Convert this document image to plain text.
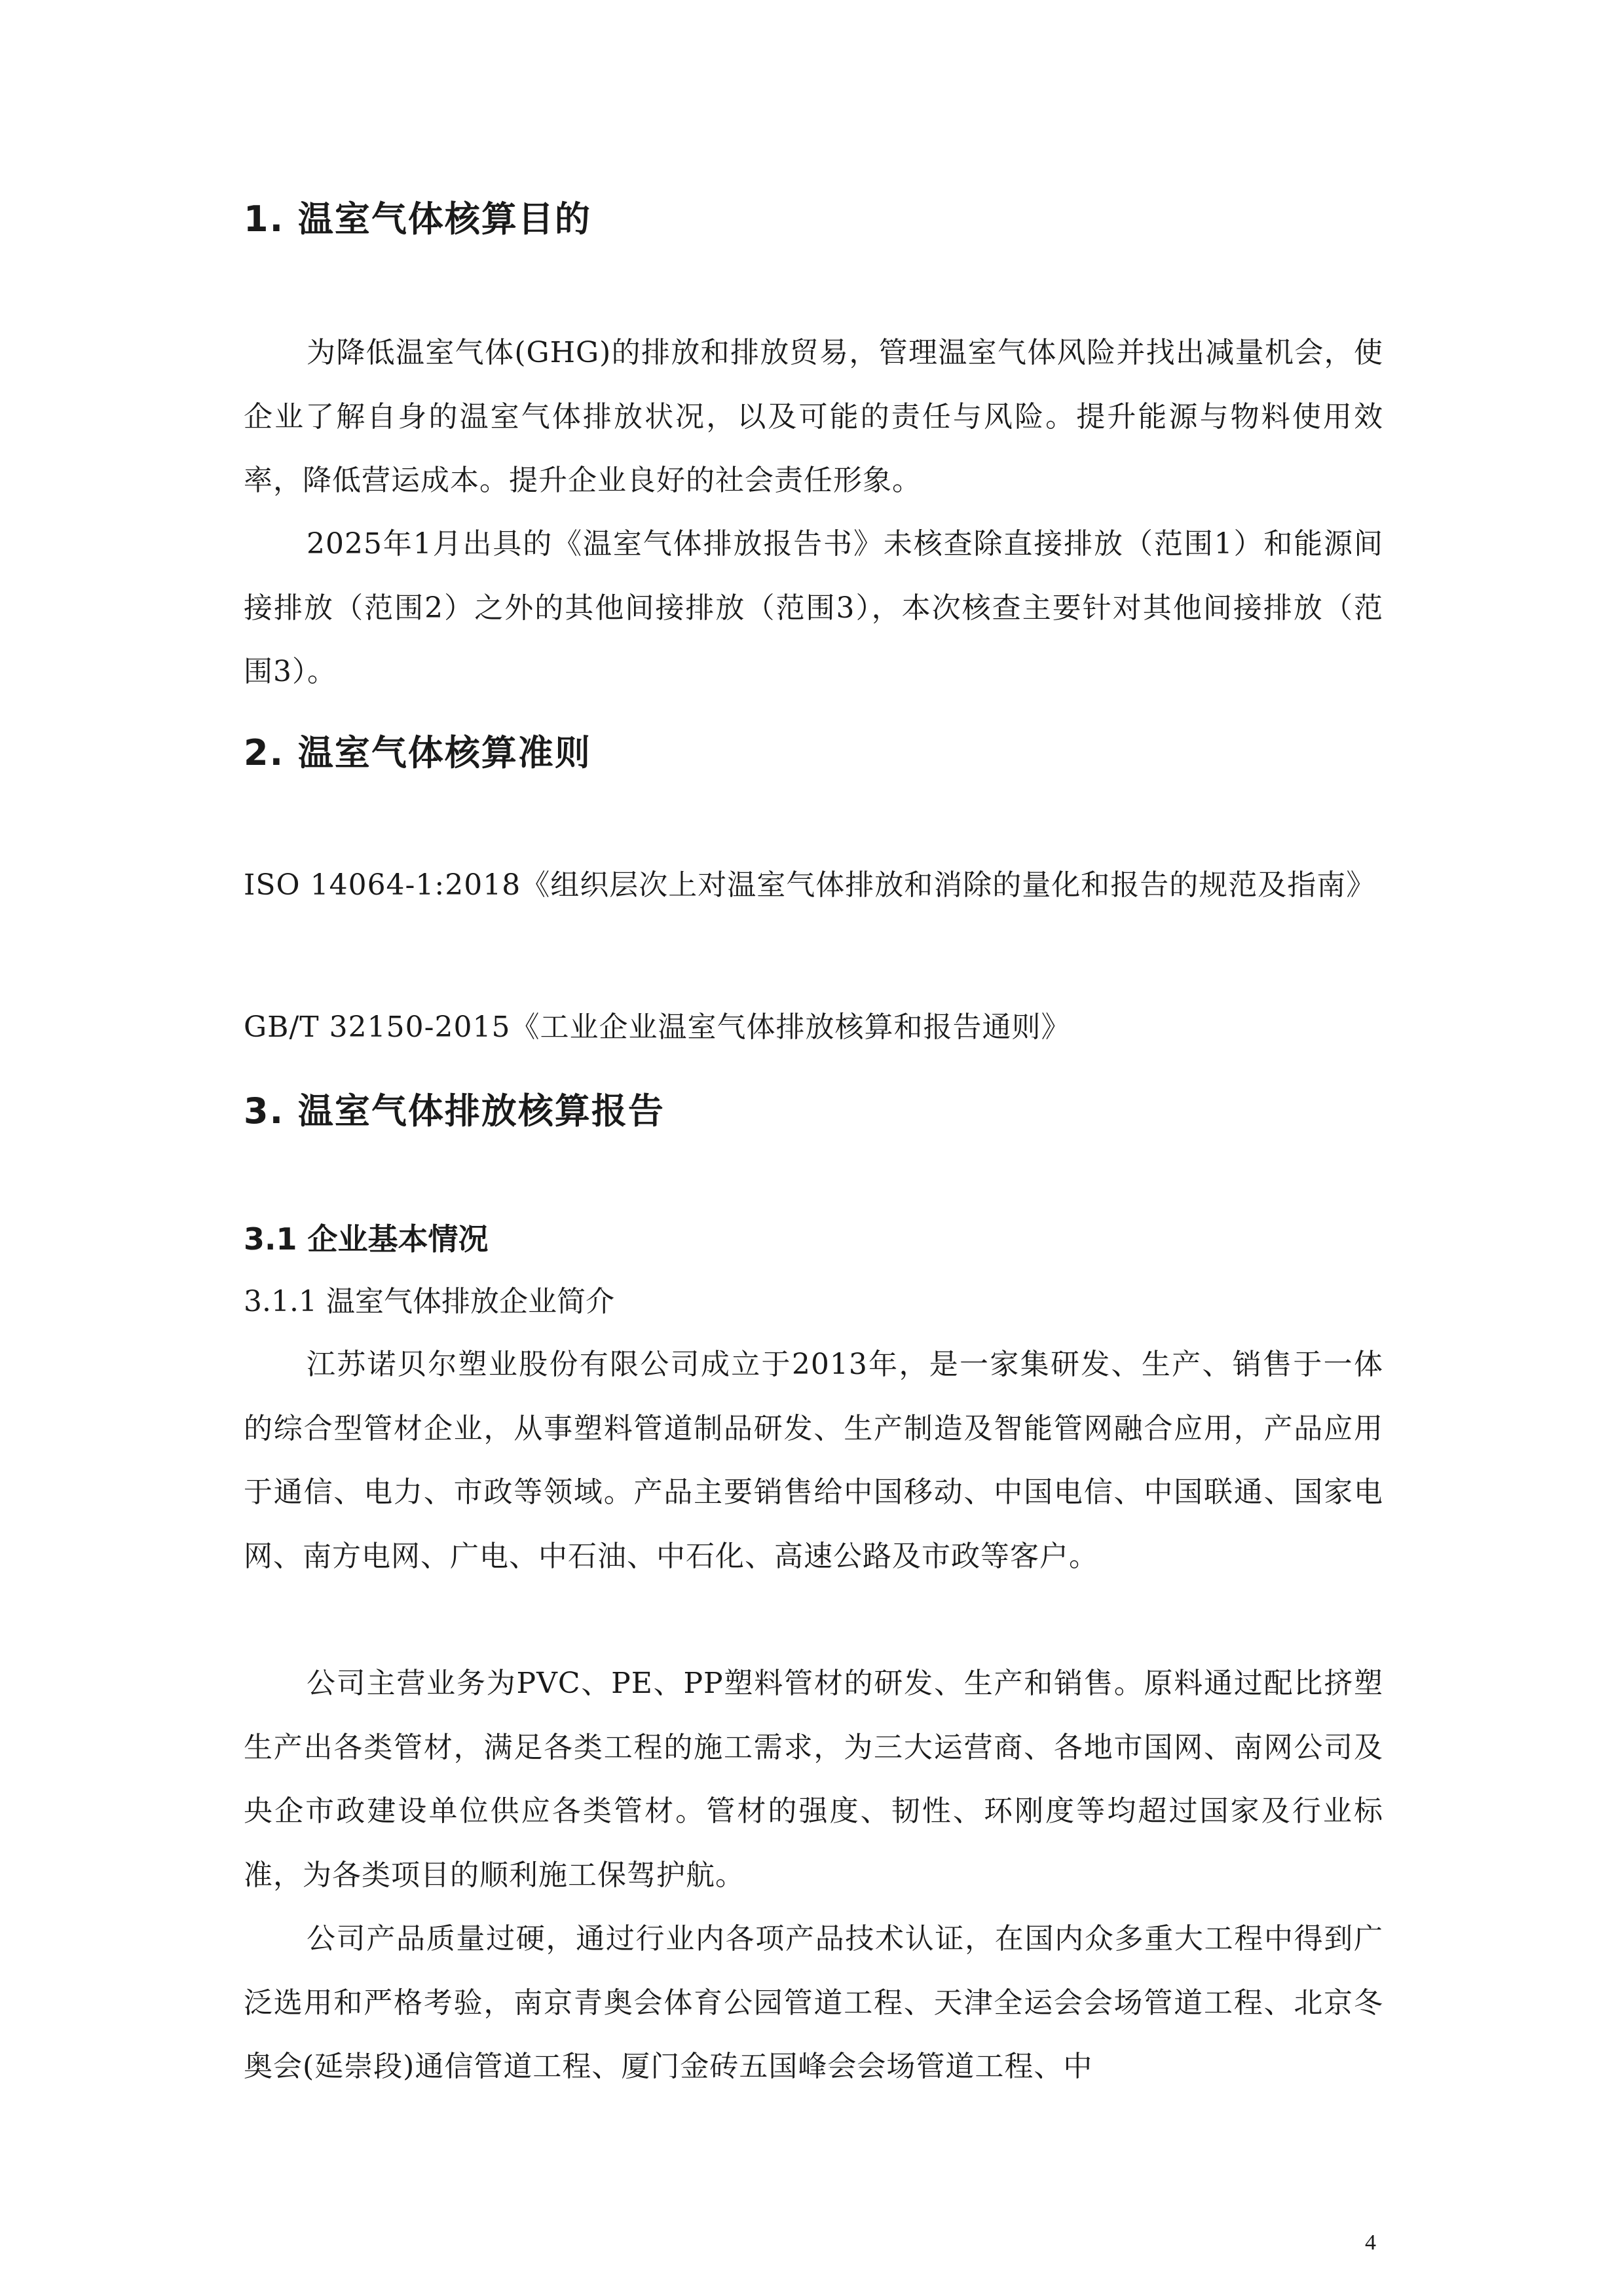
1. 温室气体核算目的
为降低温室气体(GHG)的排放和排放贸易，管理温室气体风险并找出减量机会，使企业了解自身的温室气体排放状况，以及可能的责任与风险。提升能源与物料使用效率，降低营运成本。提升企业良好的社会责任形象。
2025年1月出具的《温室气体排放报告书》未核查除直接排放（范围1）和能源间接排放（范围2）之外的其他间接排放（范围3），本次核查主要针对其他间接排放（范围3）。
2. 温室气体核算准则
ISO 14064-1:2018《组织层次上对温室气体排放和消除的量化和报告的规范及指南》
GB/T 32150-2015《工业企业温室气体排放核算和报告通则》
3. 温室气体排放核算报告
3.1 企业基本情况
3.1.1 温室气体排放企业简介
江苏诺贝尔塑业股份有限公司成立于2013年，是一家集研发、生产、销售于一体的综合型管材企业，从事塑料管道制品研发、生产制造及智能管网融合应用，产品应用于通信、电力、市政等领域。产品主要销售给中国移动、中国电信、中国联通、国家电网、南方电网、广电、中石油、中石化、高速公路及市政等客户。
公司主营业务为PVC、PE、PP塑料管材的研发、生产和销售。原料通过配比挤塑生产出各类管材，满足各类工程的施工需求，为三大运营商、各地市国网、南网公司及央企市政建设单位供应各类管材。管材的强度、韧性、环刚度等均超过国家及行业标准，为各类项目的顺利施工保驾护航。
公司产品质量过硬，通过行业内各项产品技术认证，在国内众多重大工程中得到广泛选用和严格考验，南京青奥会体育公园管道工程、天津全运会会场管道工程、北京冬奥会(延崇段)通信管道工程、厦门金砖五国峰会会场管道工程、中
4
